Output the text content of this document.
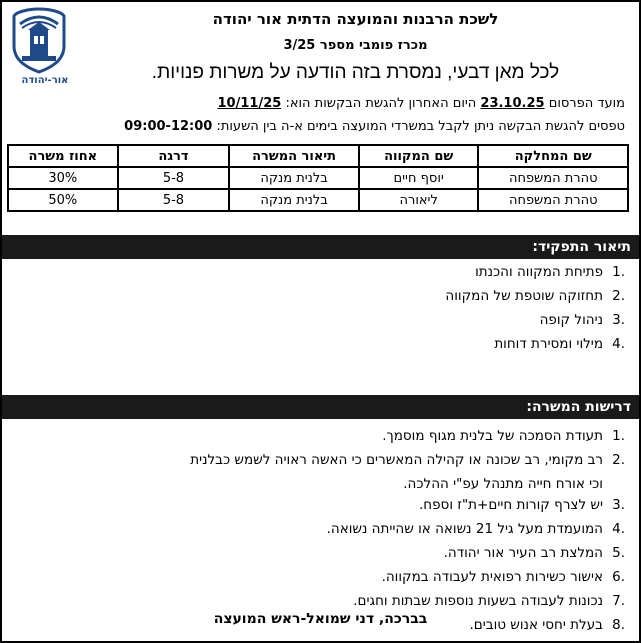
אור-יהודה
לשכת הרבנות והמועצה הדתית אור יהודה
מכרז פומבי מספר 3/25
לכל מאן דבעי, נמסרת בזה הודעה על משרות פנויות.
מועד הפרסום 23.10.25 היום האחרון להגשת הבקשות הוא: 10/11/25
טפסים להגשת הבקשה ניתן לקבל במשרדי המועצה בימים א-ה בין השעות: 09:00-12:00
שם המחלקה	שם המקווה	תיאור המשרה	דרגה	אחוז משרה
טהרת המשפחה	יוסף חיים	בלנית מנקה	5-8	30%
טהרת המשפחה	ליאורה	בלנית מנקה	5-8	50%
תיאור התפקיד:
.1
פתיחת המקווה והכנתו
.2
תחזוקה שוטפת של המקווה
.3
ניהול קופה
.4
מילוי ומסירת דוחות
דרישות המשרה:
.1
תעודת הסמכה של בלנית מגוף מוסמך.
.2
רב מקומי, רב שכונה או קהילה המאשרים כי האשה ראויה לשמש כבלנית
וכי אורח חייה מתנהל עפ"י ההלכה.
.3
יש לצרף קורות חיים+ת"ז וספח.
.4
המועמדת מעל גיל 21 נשואה או שהייתה נשואה.
.5
המלצת רב העיר אור יהודה.
.6
אישור כשירות רפואית לעבודה במקווה.
.7
נכונות לעבודה בשעות נוספות שבתות וחגים.
.8
בעלת יחסי אנוש טובים.
בברכה, דני שמואל-ראש המועצה
